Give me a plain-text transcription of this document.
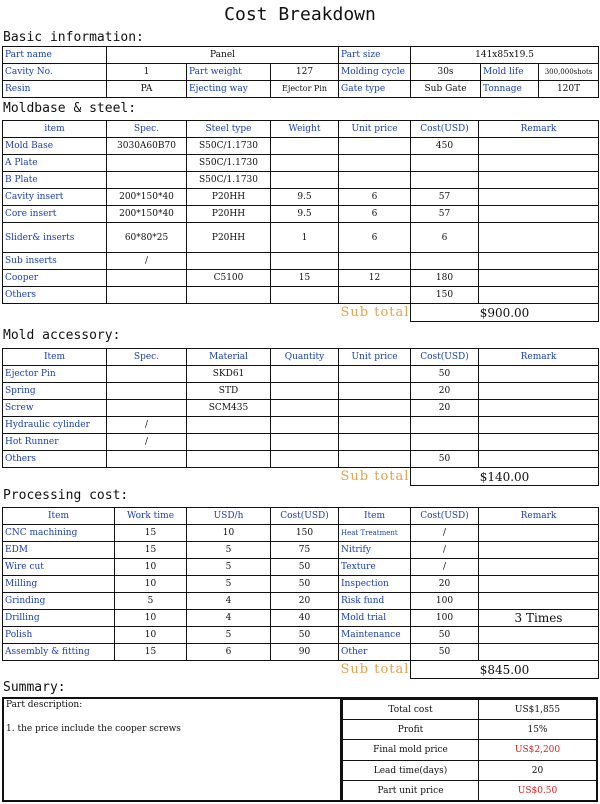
Cost Breakdown
Basic information:
Part name	Panel			Part size	141x85x19.5		
Cavity No.	1	Part weight	127	Molding cycle	30s	Mold life	300,000shots
Resin	PA	Ejecting way	Ejector Pin	Gate type	Sub Gate	Tonnage	120T
Moldbase & steel:
item	Spec.	Steel type	Weight	Unit price	Cost(USD)	Remark
Mold Base	3030A60B70	S50C/1.1730			450	
A Plate		S50C/1.1730				
B Plate		S50C/1.1730				
Cavity insert	200*150*40	P20HH	9.5	6	57	
Core insert	200*150*40	P20HH	9.5	6	57	
Slider& inserts	60*80*25	P20HH	1	6	6	
Sub inserts	/					
Cooper		C5100	15	12	180	
Others					150	
				Sub total	$900.00	
Mold accessory:
Item	Spec.	Material	Quantity	Unit price	Cost(USD)	Remark
Ejector Pin		SKD61			50	
Spring		STD			20	
Screw		SCM435			20	
Hydraulic cylinder	/					
Hot Runner	/					
Others					50	
				Sub total	$140.00	
Processing cost:
Item	Work time	USD/h	Cost(USD)	Item	Cost(USD)	Remark
CNC machining	15	10	150	Heat Treatment	/	
EDM	15	5	75	Nitrify	/	
Wire cut	10	5	50	Texture	/	
Milling	10	5	50	Inspection	20	
Grinding	5	4	20	Risk fund	100	
Drilling	10	4	40	Mold trial	100	3 Times
Polish	10	5	50	Maintenance	50	
Assembly & fitting	15	6	90	Other	50	
				Sub total	$845.00	
Summary:
Part description:
1. the price include the cooper screws
Total cost	US$1,855
Profit	15%
Final mold price	US$2,200
Lead time(days)	20
Part unit price	US$0.50
